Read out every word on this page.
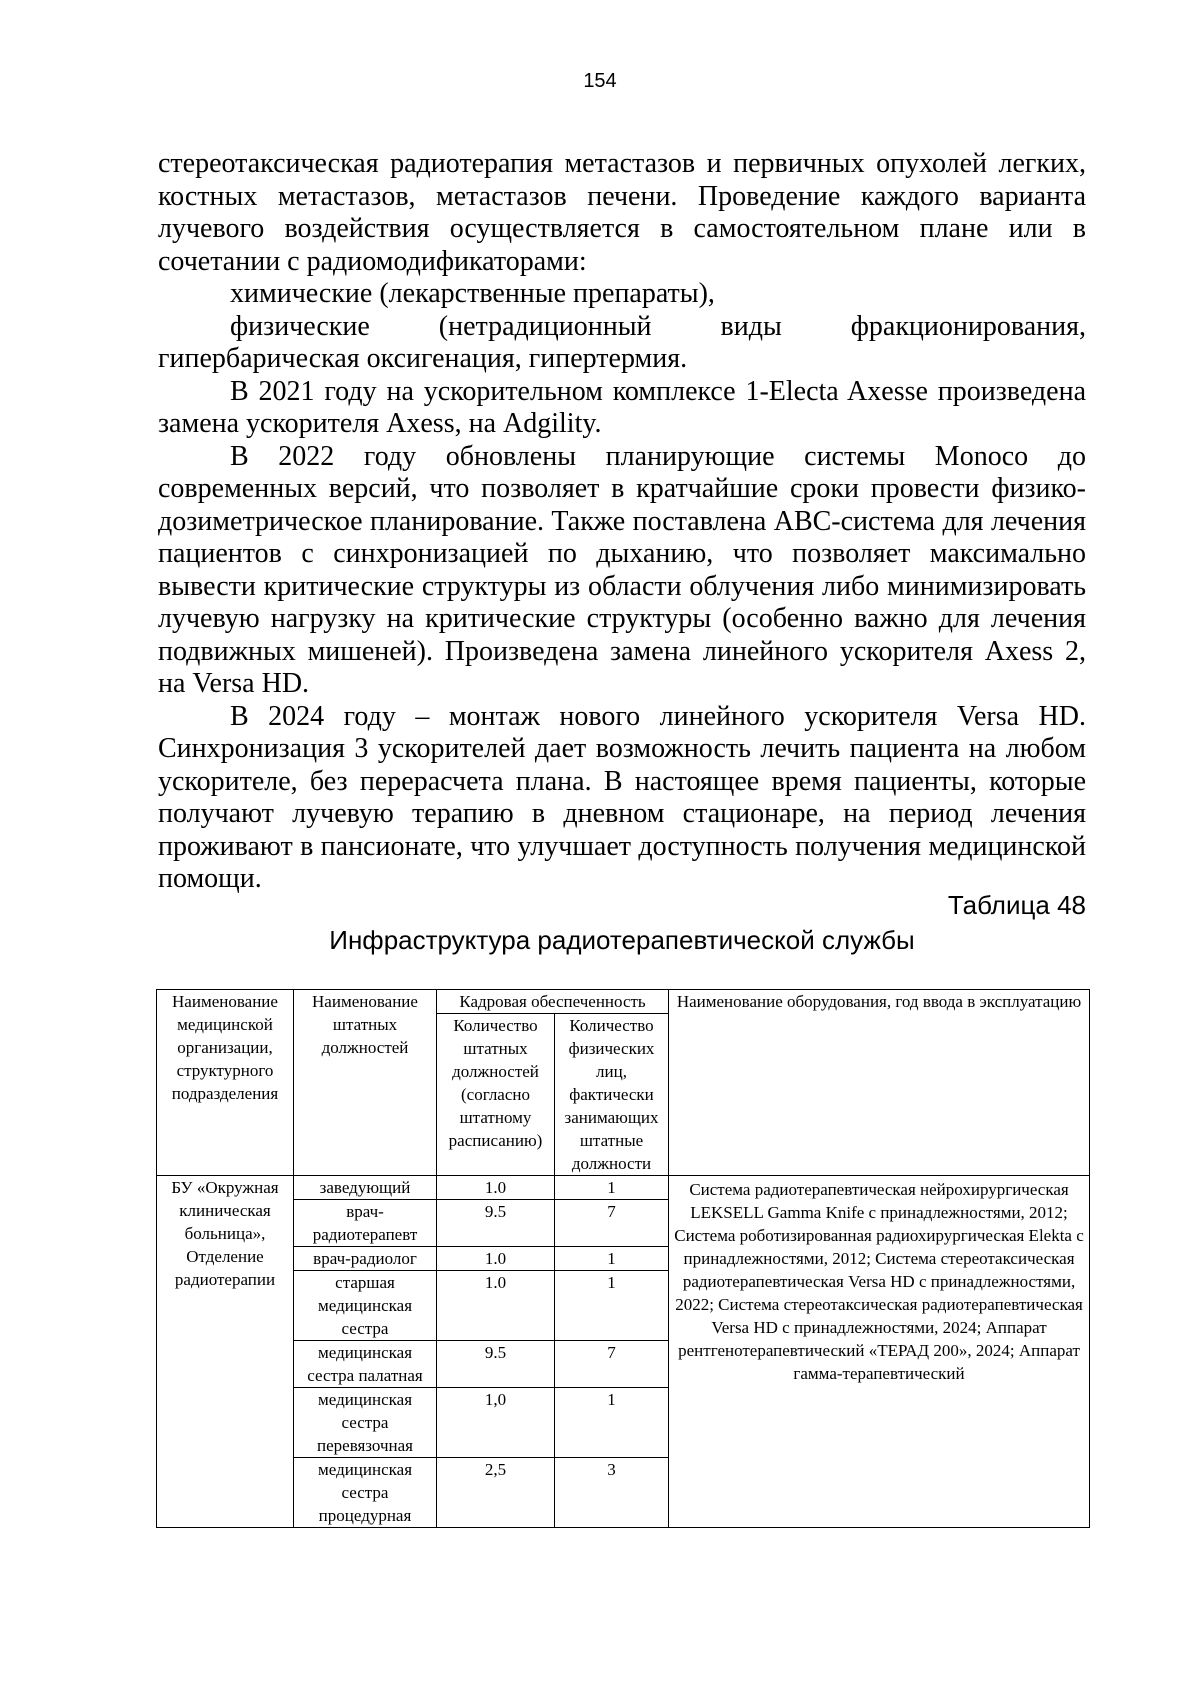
154

стереотаксическая радиотерапия метастазов и первичных опухолей легких, костных метастазов, метастазов печени. Проведение каждого варианта лучевого воздействия осуществляется в самостоятельном плане или в сочетании с радиомодификаторами:

химические (лекарственные препараты),

физические (нетрадиционный виды фракционирования, гипербарическая оксигенация, гипертермия.

В 2021 году на ускорительном комплексе 1-Electa Axesse произведена замена ускорителя Axess, на Adgility.

В 2022 году обновлены планирующие системы Monoco до современных версий, что позволяет в кратчайшие сроки провести физико-дозиметрическое планирование. Также поставлена ABC-система для лечения пациентов с синхронизацией по дыханию, что позволяет максимально вывести критические структуры из области облучения либо минимизировать лучевую нагрузку на критические структуры (особенно важно для лечения подвижных мишеней). Произведена замена линейного ускорителя Axess 2, на Versa HD.

В 2024 году – монтаж нового линейного ускорителя Versa HD. Синхронизация 3 ускорителей дает возможность лечить пациента на любом ускорителе, без перерасчета плана. В настоящее время пациенты, которые получают лучевую терапию в дневном стационаре, на период лечения проживают в пансионате, что улучшает доступность получения медицинской помощи.

Таблица 48
Инфраструктура радиотерапевтической службы
Наименование медицинской организации, структурного подразделения	Наименование штатных должностей	Кадровая обеспеченность		Наименование оборудования, год ввода в эксплуатацию
		Количество штатных должностей (согласно штатному расписанию)	Количество физических лиц, фактически занимающих штатные должности	
БУ «Окружная клиническая больница», Отделение радиотерапии	заведующий	1.0	1	Система радиотерапевтическая нейрохирургическая LEKSELL Gamma Knife с принадлежностями, 2012; Система роботизированная радиохирургическая Elekta с принадлежностями, 2012; Система стереотаксическая радиотерапевтическая Versa HD с принадлежностями, 2022; Система стереотаксическая радиотерапевтическая Versa HD с принадлежностями, 2024; Аппарат рентгенотерапевтический «ТЕРАД 200», 2024; Аппарат гамма-терапевтический
	врач-радиотерапевт	9.5	7	
	врач-радиолог	1.0	1	
	старшая медицинская сестра	1.0	1	
	медицинская сестра палатная	9.5	7	
	медицинская сестра перевязочная	1,0	1	
	медицинская сестра процедурная	2,5	3	
